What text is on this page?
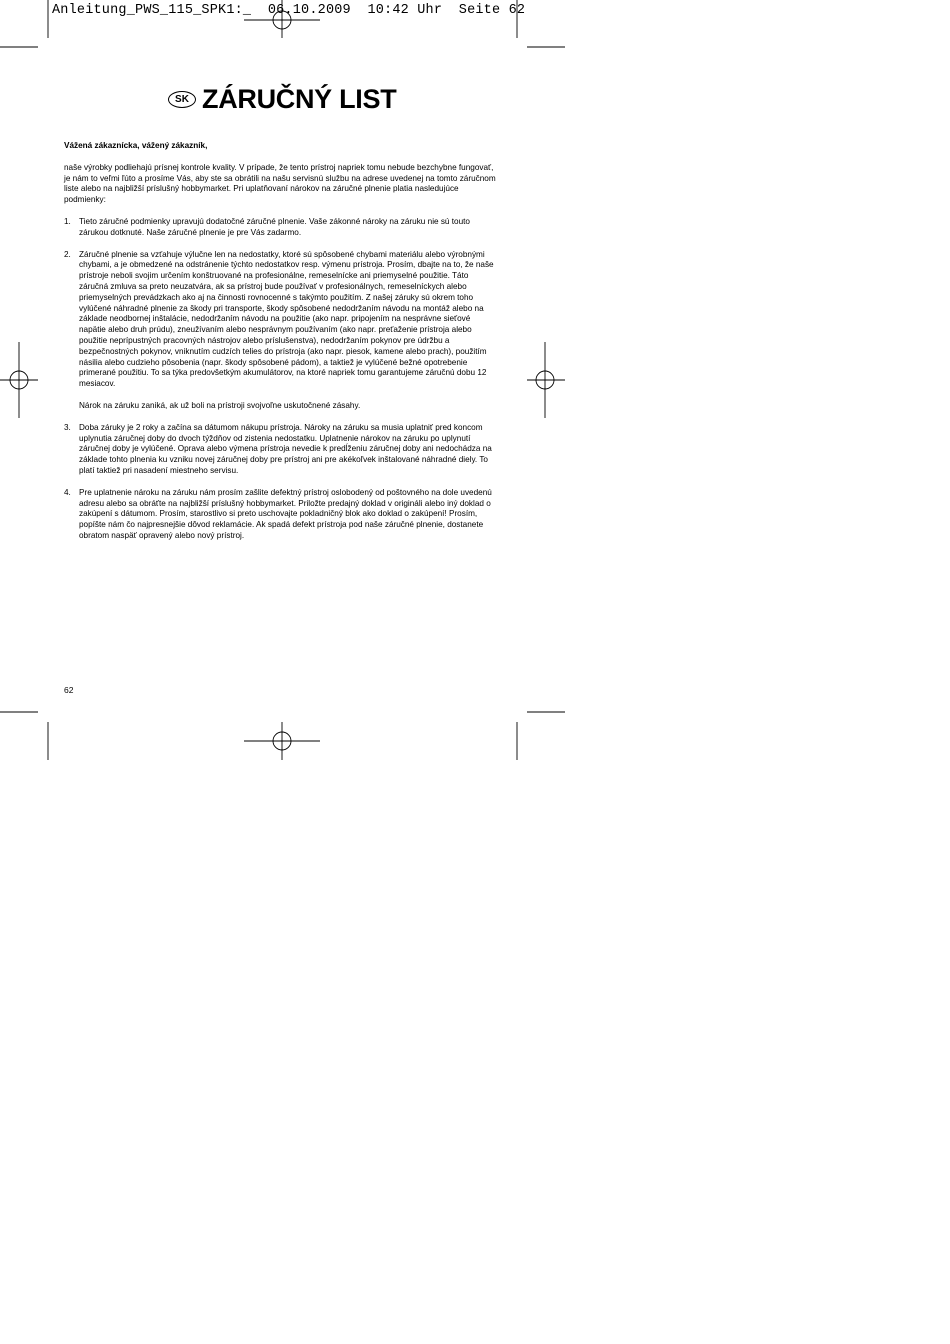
Anleitung_PWS_115_SPK1:_  06.10.2009  10:42 Uhr  Seite 62
SK ZÁRUČNÝ LIST

Vážená zákaznícka, vážený zákazník,

naše výrobky podliehajú prísnej kontrole kvality. V prípade, že tento prístroj napriek tomu nebude bezchybne fungovať, je nám to veľmi ľúto a prosíme Vás, aby ste sa obrátili na našu servisnú službu na adrese uvedenej na tomto záručnom liste alebo na najbližší príslušný hobbymarket. Pri uplatňovaní nárokov na záručné plnenie platia nasledujúce podmienky:

1. Tieto záručné podmienky upravujú dodatočné záručné plnenie. Vaše zákonné nároky na záruku nie sú touto zárukou dotknuté. Naše záručné plnenie je pre Vás zadarmo.

2. Záručné plnenie sa vzťahuje výlučne len na nedostatky, ktoré sú spôsobené chybami materiálu alebo výrobnými chybami, a je obmedzené na odstránenie týchto nedostatkov resp. výmenu prístroja. Prosím, dbajte na to, že naše prístroje neboli svojim určením konštruované na profesionálne, remeselnícke ani priemyselné použitie. Táto záručná zmluva sa preto neuzatvára, ak sa prístroj bude používať v profesionálnych, remeselníckych alebo priemyselných prevádzkach ako aj na činnosti rovnocenné s takýmto použitím. Z našej záruky sú okrem toho vylúčené náhradné plnenie za škody pri transporte, škody spôsobené nedodržaním návodu na montáž alebo na základe neodbornej inštalácie, nedodržaním návodu na použitie (ako napr. pripojením na nesprávne sieťové napätie alebo druh prúdu), zneužívaním alebo nesprávnym používaním (ako napr. preťaženie prístroja alebo použitie neprípustných pracovných nástrojov alebo príslušenstva), nedodržaním pokynov pre údržbu a bezpečnostných pokynov, vniknutím cudzích telies do prístroja (ako napr. piesok, kamene alebo prach), použitím násilia alebo cudzieho pôsobenia (napr. škody spôsobené pádom), a taktiež je vylúčené bežné opotrebenie primerané použitiu. To sa týka predovšetkým akumulátorov, na ktoré napriek tomu garantujeme záručnú dobu 12 mesiacov.

Nárok na záruku zaniká, ak už boli na prístroji svojvoľne uskutočnené zásahy.

3. Doba záruky je 2 roky a začína sa dátumom nákupu prístroja. Nároky na záruku sa musia uplatniť pred koncom uplynutia záručnej doby do dvoch týždňov od zistenia nedostatku. Uplatnenie nárokov na záruku po uplynutí záručnej doby je vylúčené. Oprava alebo výmena prístroja nevedie k predĺženiu záručnej doby ani nedochádza na základe tohto plnenia ku vzniku novej záručnej doby pre prístroj ani pre akékoľvek inštalované náhradné diely. To platí taktiež pri nasadení miestneho servisu.

4. Pre uplatnenie nároku na záruku nám prosím zašlite defektný prístroj oslobodený od poštovného na dole uvedenú adresu alebo sa obráťte na najbližší príslušný hobbymarket. Priložte predajný doklad v origináli alebo iný doklad o zakúpení s dátumom. Prosím, starostlivo si preto uschovajte pokladničný blok ako doklad o zakúpení! Prosím, popíšte nám čo najpresnejšie dôvod reklamácie. Ak spadá defekt prístroja pod naše záručné plnenie, dostanete obratom naspäť opravený alebo nový prístroj.

62
